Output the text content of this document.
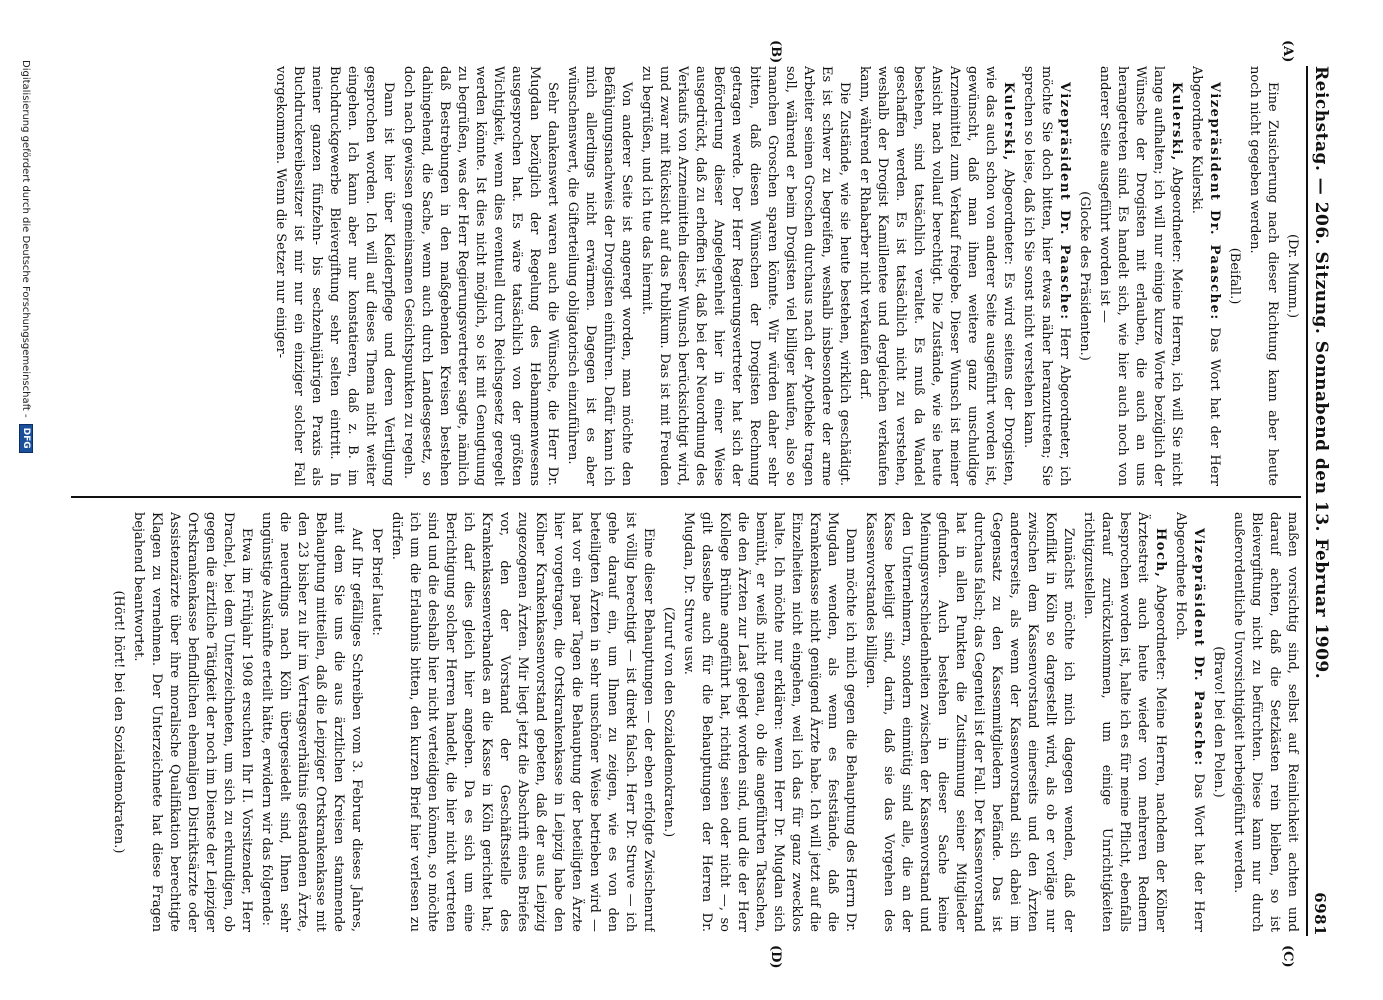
Reichstag. — 206. Sitzung. Sonnabend den 13. Februar 1909.
6981
(A)
(B)
(C)
(D)

(Dr. Mumm.)

Eine Zusicherung nach dieser Richtung kann aber heute noch nicht gegeben werden.

(Beifall.)

Vizepräsident Dr. Paasche: Das Wort hat der Herr Abgeordnete Kulerski.

Kulerski, Abgeordneter: Meine Herren, ich will Sie nicht lange aufhalten; ich will nur einige kurze Worte bezüglich der Wünsche der Drogisten mit erlauben, die auch an uns herangetreten sind. Es handelt sich, wie hier auch noch von anderer Seite ausgeführt worden ist —

(Glocke des Präsidenten.)

Vizepräsident Dr. Paasche: Herr Abgeordneter, ich möchte Sie doch bitten, hier etwas näher heranzutreten; Sie sprechen so leise, daß ich Sie sonst nicht verstehen kann.

Kulerski, Abgeordneter: Es wird seitens der Drogisten, wie das auch schon von anderer Seite ausgeführt worden ist, gewünscht, daß man ihnen weitere ganz unschuldige Arzneimittel zum Verkauf freigebe. Dieser Wunsch ist meiner Ansicht nach vollauf berechtigt. Die Zustände, wie sie heute bestehen, sind tatsächlich veraltet. Es muß da Wandel geschaffen werden. Es ist tatsächlich nicht zu verstehen, weshalb der Drogist Kamillentee und dergleichen verkaufen kann, während er Rhabarber nicht verkaufen darf.

Die Zustände, wie sie heute bestehen, wirklich geschädigt. Es ist schwer zu begreifen, weshalb insbesondere der arme Arbeiter seinen Groschen durchaus nach der Apotheke tragen soll, während er beim Drogisten viel billiger kaufen, also so manchen Groschen sparen könnte. Wir würden daher sehr bitten, daß diesen Wünschen der Drogisten Rechnung getragen werde. Der Herr Regierungsvertreter hat sich der Beförderung dieser Angelegenheit hier in einer Weise ausgedrückt, daß zu erhoffen ist, daß bei der Neuordnung des Verkaufs von Arzneimitteln dieser Wunsch berücksichtigt wird, und zwar mit Rücksicht auf das Publikum. Das ist mit Freuden zu begrüßen, und ich tue das hiermit.

Von anderer Seite ist angeregt worden, man möchte den Befähigungsnachweis der Drogisten einführen. Dafür kann ich mich allerdings nicht erwärmen. Dagegen ist es aber wünschenswert, die Gifterteilung obligatorisch einzuführen.

Sehr dankenswert waren auch die Wünsche, die Herr Dr. Mugdan bezüglich der Regelung des Hebammenwesens ausgesprochen hat. Es wäre tatsächlich von der größten Wichtigkeit, wenn dies eventuell durch Reichsgesetz geregelt werden könnte. Ist dies nicht möglich, so ist mit Genugtuung zu begrüßen, was der Herr Regierungsvertreter sagte, nämlich daß Bestrebungen in den maßgebenden Kreisen bestehen dahingehend, die Sache, wenn auch durch Landesgesetz, so doch nach gewissen gemeinsamen Gesichtspunkten zu regeln.

Dann ist hier über Kleiderpflege und deren Vertilgung gesprochen worden. Ich will auf dieses Thema nicht weiter eingehen. Ich kann aber nur konstatieren, daß z. B. im Buchdruckgewerbe Bleivergiftung sehr selten eintritt. In meiner ganzen fünfzehn- bis sechzehnjährigen Praxis als Buchdruckereibesitzer ist mir nur ein einziger solcher Fall vorgekommen. Wenn die Setzer nur einiger-

maßen vorsichtig sind, selbst auf Reinlichkeit achten und darauf achten, daß die Setzkästen rein bleiben, so ist Bleivergiftung nicht zu befürchten. Diese kann nur durch außerordentliche Unvorsichtigkeit herbeigeführt werden.

(Bravo! bei den Polen.)

Vizepräsident Dr. Paasche: Das Wort hat der Herr Abgeordnete Hoch.

Hoch, Abgeordneter: Meine Herren, nachdem der Kölner Ärztestreit auch heute wieder von mehreren Rednern besprochen worden ist, halte ich es für meine Pflicht, ebenfalls darauf zurückzukommen, um einige Unrichtigkeiten richtigzustellen.

Zunächst möchte ich mich dagegen wenden, daß der Konflikt in Köln so dargestellt wird, als ob er vorläge nur zwischen dem Kassenvorstand einerseits und den Ärzten andererseits, als wenn der Kassenvorstand sich dabei im Gegensatz zu den Kassenmitgliedern befände. Das ist durchaus falsch; das Gegenteil ist der Fall. Der Kassenvorstand hat in allen Punkten die Zustimmung seiner Mitglieder gefunden. Auch bestehen in dieser Sache keine Meinungsverschiedenheiten zwischen der Kassenvorstand und den Unternehmern, sondern einmütig sind alle, die an der Kasse beteiligt sind, darin, daß sie das Vorgehen des Kassenvorstandes billigen.

Dann möchte ich mich gegen die Behauptung des Herrn Dr. Mugdan wenden, als wenn es feststände, daß die Krankenkasse nicht genügend Ärzte habe. Ich will jetzt auf die Einzelheiten nicht eingehen, weil ich das für ganz zwecklos halte. Ich möchte nur erklären: wenn Herr Dr. Mugdan sich bemüht, er weiß nicht genau, ob die angeführten Tatsachen, die den Ärzten zur Last gelegt worden sind, und die der Herr Kollege Brühne angeführt hat, richtig seien oder nicht —, so gilt dasselbe auch für die Behauptungen der Herren Dr. Mugdan, Dr. Struve usw.

(Zuruf von den Sozialdemokraten.)

Eine dieser Behauptungen — der eben erfolgte Zwischenruf ist völlig berechtigt — ist direkt falsch. Herr Dr. Struve — ich gehe darauf ein, um Ihnen zu zeigen, wie es von den beteiligten Ärzten in sehr unschöner Weise betrieben wird — hat vor ein paar Tagen die Behauptung der beteiligten Ärzte hier vorgetragen, die Ortskrankenkasse in Leipzig habe den Kölner Krankenkassenvorstand gebeten, daß der aus Leipzig zugezogenen Ärzten. Mir liegt jetzt die Abschrift eines Briefes vor, den der Vorstand der Geschäftsstelle des Krankenkassenverbandes an die Kasse in Köln gerichtet hat; ich darf dies gleich hier angeben. Da es sich um eine Berichtigung solcher Herren handelt, die hier nicht vertreten sind und die deshalb hier nicht verteidigen können, so möchte ich um die Erlaubnis bitten, den kurzen Brief hier verlesen zu dürfen.

Der Brief lautet:

Auf Ihr gefälliges Schreiben vom 3. Februar dieses Jahres, mit dem Sie uns die aus ärztlichen Kreisen stammende Behauptung mitteilen, daß die Leipziger Ortskrankenkasse mit den 23 bisher zu ihr im Vertragsverhältnis gestandenen Ärzte, die neuerdings nach Köln übergesiedelt sind, Ihnen sehr ungünstige Auskünfte erteilt hätte, erwidern wir das folgende:

Etwa im Frühjahr 1908 ersuchten Ihr II. Vorsitzender, Herr Drachel, bei dem Unterzeichneten, um sich zu erkundigen, ob gegen die ärztliche Tätigkeit der noch im Dienste der Leipziger Ortskrankenkasse befindlichen ehemaligen Distriktsärzte oder Assistenzärzte über ihre moralische Qualifikation berechtigte Klagen zu vernehmen. Der Unterzeichnete hat diese Fragen bejahend beantwortet.

(Hört! hört! bei den Sozialdemokraten.)

Digitalisierung gefördert durch die Deutsche Forschungsgemeinschaft -
DFG
